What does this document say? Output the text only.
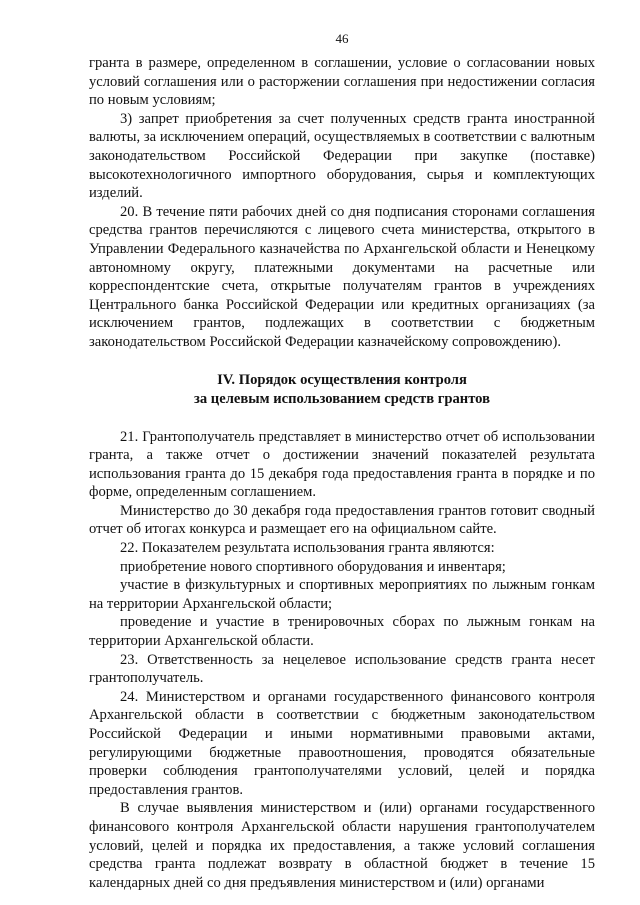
46

гранта в размере, определенном в соглашении, условие о согласовании новых условий соглашения или о расторжении соглашения при недостижении согласия по новым условиям;

3) запрет приобретения за счет полученных средств гранта иностранной валюты, за исключением операций, осуществляемых в соответствии с валютным законодательством Российской Федерации при закупке (поставке) высокотехнологичного импортного оборудования, сырья и комплектующих изделий.

20. В течение пяти рабочих дней со дня подписания сторонами соглашения средства грантов перечисляются с лицевого счета министерства, открытого в Управлении Федерального казначейства по Архангельской области и Ненецкому автономному округу, платежными документами на расчетные или корреспондентские счета, открытые получателям грантов в учреждениях Центрального банка Российской Федерации или кредитных организациях (за исключением грантов, подлежащих в соответствии с бюджетным законодательством Российской Федерации казначейскому сопровождению).

IV. Порядок осуществления контроля
за целевым использованием средств грантов

21. Грантополучатель представляет в министерство отчет об использовании гранта, а также отчет о достижении значений показателей результата использования гранта до 15 декабря года предоставления гранта в порядке и по форме, определенным соглашением.

Министерство до 30 декабря года предоставления грантов готовит сводный отчет об итогах конкурса и размещает его на официальном сайте.

22. Показателем результата использования гранта являются:

приобретение нового спортивного оборудования и инвентаря;

участие в физкультурных и спортивных мероприятиях по лыжным гонкам на территории Архангельской области;

проведение и участие в тренировочных сборах по лыжным гонкам на территории Архангельской области.

23. Ответственность за нецелевое использование средств гранта несет грантополучатель.

24. Министерством и органами государственного финансового контроля Архангельской области в соответствии с бюджетным законодательством Российской Федерации и иными нормативными правовыми актами, регулирующими бюджетные правоотношения, проводятся обязательные проверки соблюдения грантополучателями условий, целей и порядка предоставления грантов.

В случае выявления министерством и (или) органами государственного финансового контроля Архангельской области нарушения грантополучателем условий, целей и порядка их предоставления, а также условий соглашения средства гранта подлежат возврату в областной бюджет в течение 15 календарных дней со дня предъявления министерством и (или) органами
